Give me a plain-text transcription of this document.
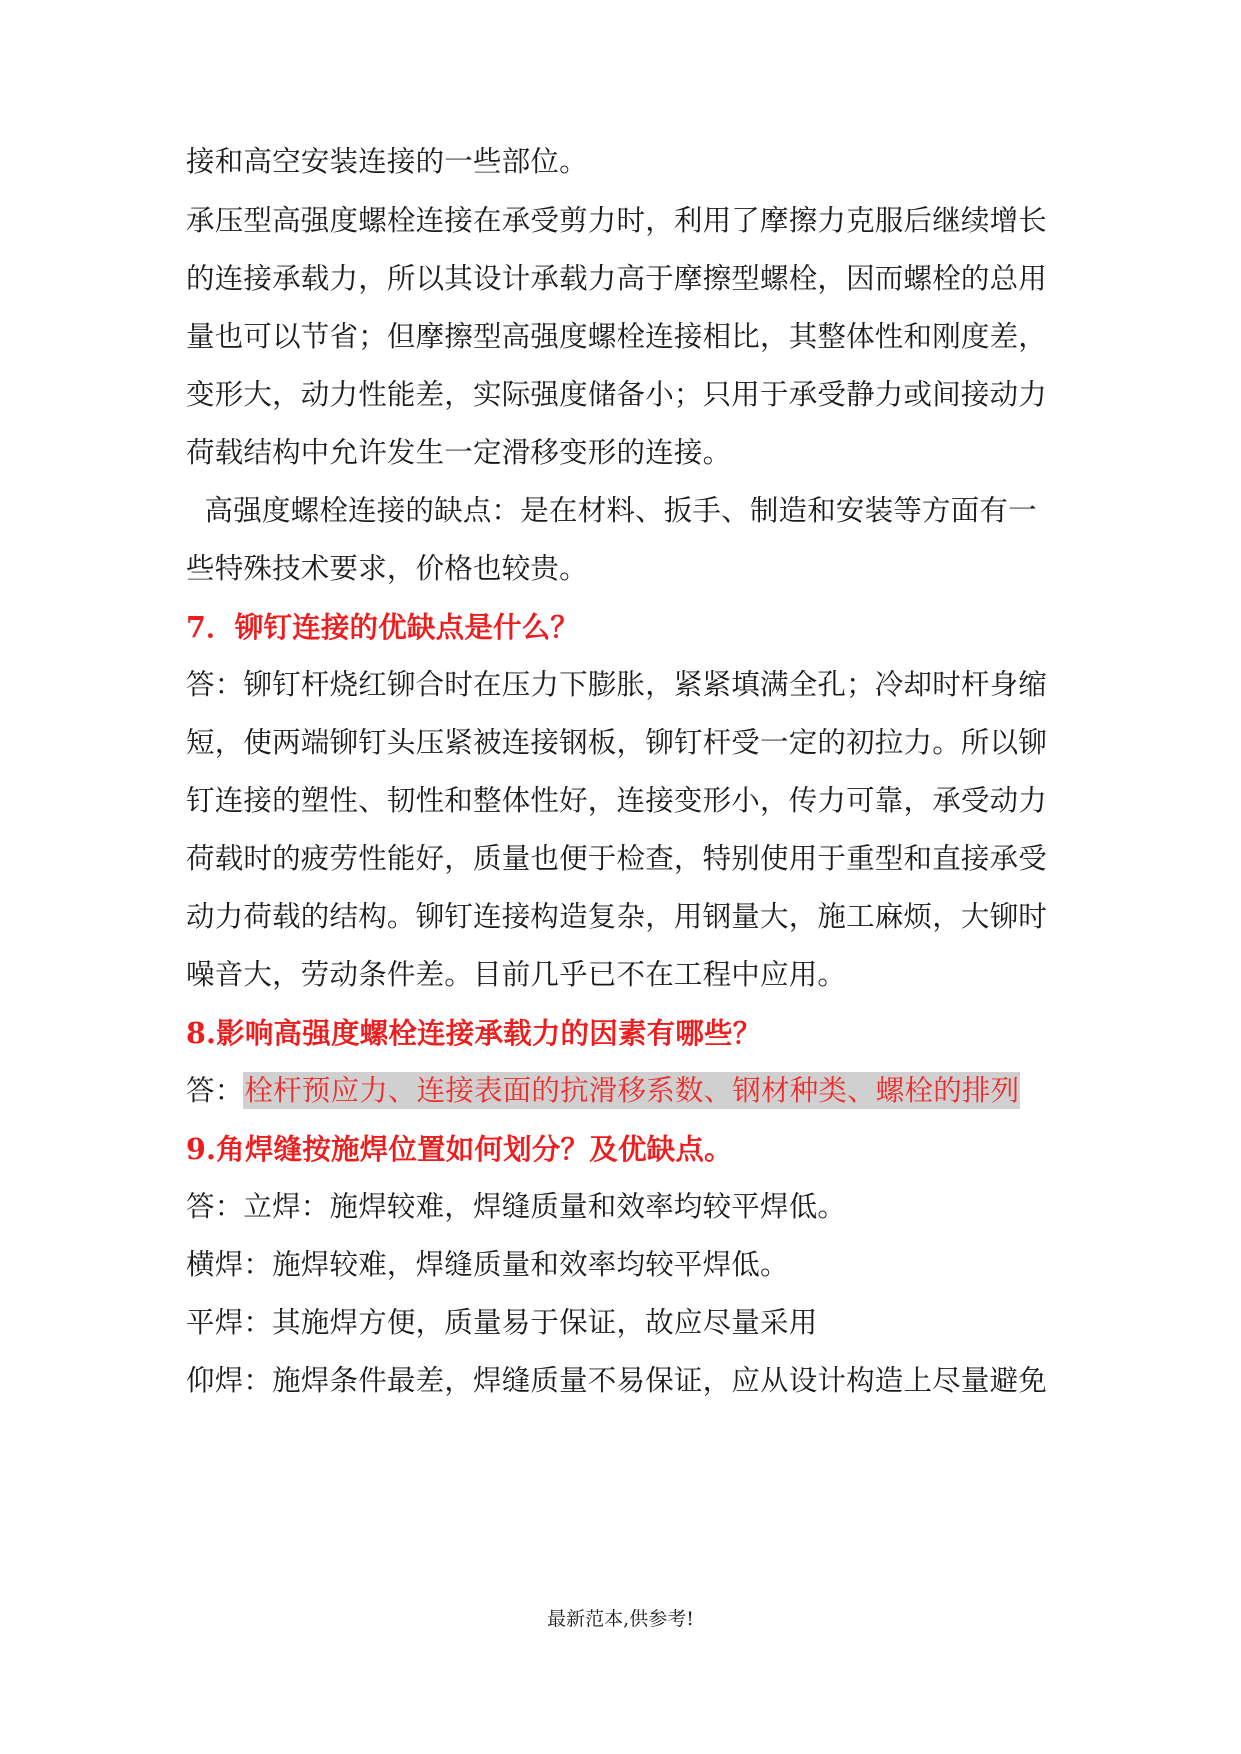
接和高空安装连接的一些部位。
承压型高强度螺栓连接在承受剪力时，利用了摩擦力克服后继续增长
的连接承载力，所以其设计承载力高于摩擦型螺栓，因而螺栓的总用
量也可以节省；但摩擦型高强度螺栓连接相比，其整体性和刚度差，
变形大，动力性能差，实际强度储备小；只用于承受静力或间接动力
荷载结构中允许发生一定滑移变形的连接。
高强度螺栓连接的缺点：是在材料、扳手、制造和安装等方面有一
些特殊技术要求，价格也较贵。
7．铆钉连接的优缺点是什么？
答：铆钉杆烧红铆合时在压力下膨胀，紧紧填满全孔；冷却时杆身缩
短，使两端铆钉头压紧被连接钢板，铆钉杆受一定的初拉力。所以铆
钉连接的塑性、韧性和整体性好，连接变形小，传力可靠，承受动力
荷载时的疲劳性能好，质量也便于检查，特别使用于重型和直接承受
动力荷载的结构。铆钉连接构造复杂，用钢量大，施工麻烦，大铆时
噪音大，劳动条件差。目前几乎已不在工程中应用。
8.影响高强度螺栓连接承载力的因素有哪些？
答：栓杆预应力、连接表面的抗滑移系数、钢材种类、螺栓的排列
9.角焊缝按施焊位置如何划分？及优缺点。
答：立焊：施焊较难，焊缝质量和效率均较平焊低。
横焊：施焊较难，焊缝质量和效率均较平焊低。
平焊：其施焊方便，质量易于保证，故应尽量采用
仰焊：施焊条件最差，焊缝质量不易保证，应从设计构造上尽量避免
最新范本,供参考!
